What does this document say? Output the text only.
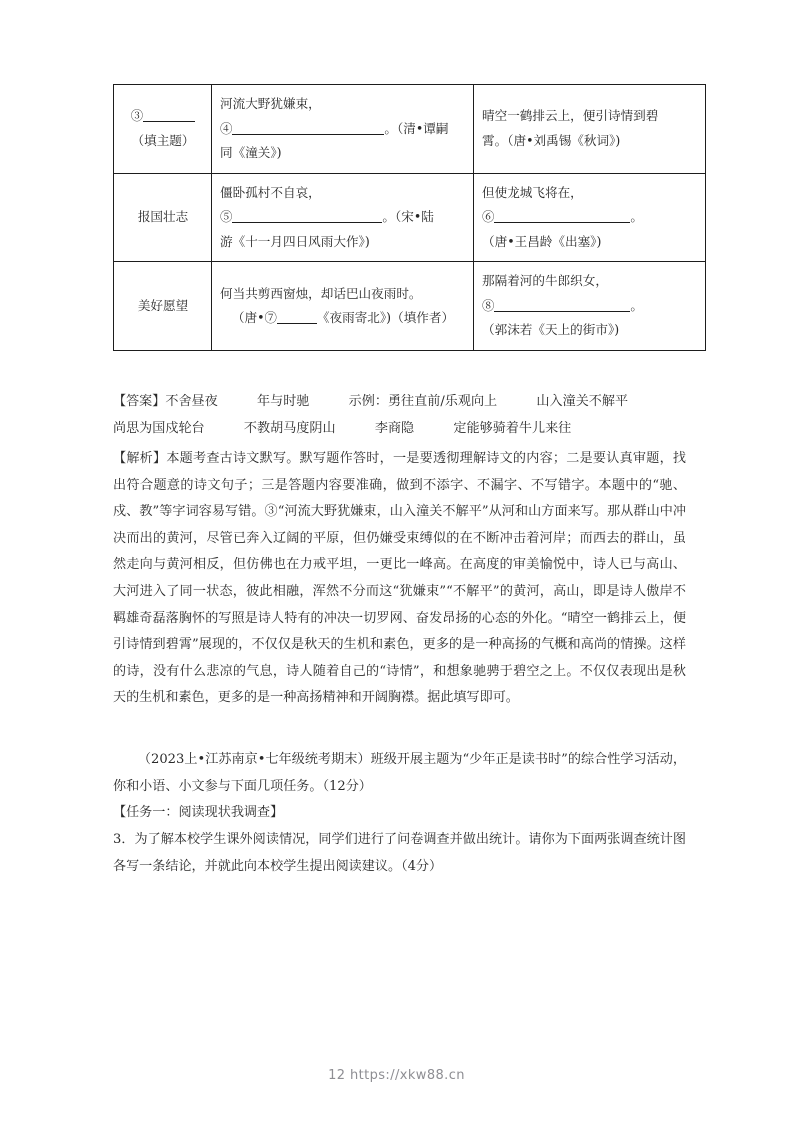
③
（填主题）	河流大野犹嫌束，
④ 。（清•谭嗣
同《潼关》)	晴空一鹤排云上，便引诗情到碧
霄。（唐•刘禹锡《秋词》)

报国壮志	僵卧孤村不自哀，
⑤ 。（宋•陆
游《十一月四日风雨大作》)	但使龙城飞将在，
⑥ 。
（唐•王昌龄《出塞》)

美好愿望	何当共剪西窗烛，却话巴山夜雨时。
（唐•⑦ 《夜雨寄北》)（填作者）	那隔着河的牛郎织女，
⑧ 。
（郭沫若《天上的街市》)
【答案】不舍昼夜　　　年与时驰　　　示例：勇往直前/乐观向上　　　山入潼关不解平
尚思为国戍轮台　　　不教胡马度阴山　　　李商隐　　　定能够骑着牛儿来往
【解析】本题考查古诗文默写。默写题作答时，一是要透彻理解诗文的内容；二是要认真审题，找出符合题意的诗文句子；三是答题内容要准确，做到不添字、不漏字、不写错字。本题中的“驰、戍、教”等字词容易写错。③“河流大野犹嫌束，山入潼关不解平”从河和山方面来写。那从群山中冲决而出的黄河，尽管已奔入辽阔的平原，但仍嫌受束缚似的在不断冲击着河岸；而西去的群山，虽然走向与黄河相反，但仿佛也在力戒平坦，一更比一峰高。在高度的审美愉悦中，诗人已与高山、大河进入了同一状态，彼此相融，浑然不分而这“犹嫌束”“不解平”的黄河，高山，即是诗人傲岸不羁雄奇磊落胸怀的写照是诗人特有的冲决一切罗网、奋发昂扬的心态的外化。“晴空一鹤排云上，便引诗情到碧霄”展现的，不仅仅是秋天的生机和素色，更多的是一种高扬的气概和高尚的情操。这样的诗，没有什么悲凉的气息，诗人随着自己的“诗情”，和想象驰骋于碧空之上。不仅仅表现出是秋天的生机和素色，更多的是一种高扬精神和开阔胸襟。据此填写即可。
（2023上•江苏南京•七年级统考期末）班级开展主题为“少年正是读书时”的综合性学习活动，你和小语、小文参与下面几项任务。（12分）
【任务一：阅读现状我调查】
3．为了解本校学生课外阅读情况，同学们进行了问卷调查并做出统计。请你为下面两张调查统计图各写一条结论，并就此向本校学生提出阅读建议。（4分）
12 https://xkw88.cn
